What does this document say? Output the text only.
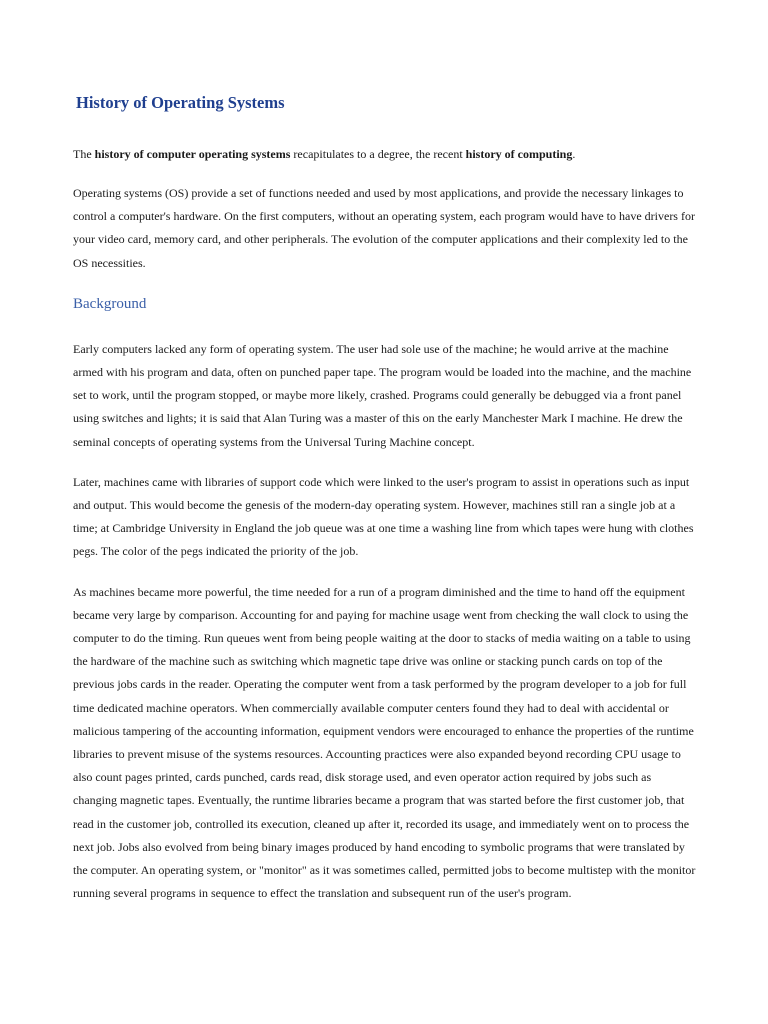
History of Operating Systems

The history of computer operating systems recapitulates to a degree, the recent history of computing.

Operating systems (OS) provide a set of functions needed and used by most applications, and provide the necessary linkages to control a computer's hardware. On the first computers, without an operating system, each program would have to have drivers for your video card, memory card, and other peripherals. The evolution of the computer applications and their complexity led to the OS necessities.

Background

Early computers lacked any form of operating system. The user had sole use of the machine; he would arrive at the machine armed with his program and data, often on punched paper tape. The program would be loaded into the machine, and the machine set to work, until the program stopped, or maybe more likely, crashed. Programs could generally be debugged via a front panel using switches and lights; it is said that Alan Turing was a master of this on the early Manchester Mark I machine. He drew the seminal concepts of operating systems from the Universal Turing Machine concept.

Later, machines came with libraries of support code which were linked to the user's program to assist in operations such as input and output. This would become the genesis of the modern-day operating system. However, machines still ran a single job at a time; at Cambridge University in England the job queue was at one time a washing line from which tapes were hung with clothes pegs. The color of the pegs indicated the priority of the job.

As machines became more powerful, the time needed for a run of a program diminished and the time to hand off the equipment became very large by comparison. Accounting for and paying for machine usage went from checking the wall clock to using the computer to do the timing. Run queues went from being people waiting at the door to stacks of media waiting on a table to using the hardware of the machine such as switching which magnetic tape drive was online or stacking punch cards on top of the previous jobs cards in the reader. Operating the computer went from a task performed by the program developer to a job for full time dedicated machine operators. When commercially available computer centers found they had to deal with accidental or malicious tampering of the accounting information, equipment vendors were encouraged to enhance the properties of the runtime libraries to prevent misuse of the systems resources. Accounting practices were also expanded beyond recording CPU usage to also count pages printed, cards punched, cards read, disk storage used, and even operator action required by jobs such as changing magnetic tapes. Eventually, the runtime libraries became a program that was started before the first customer job, that read in the customer job, controlled its execution, cleaned up after it, recorded its usage, and immediately went on to process the next job. Jobs also evolved from being binary images produced by hand encoding to symbolic programs that were translated by the computer. An operating system, or "monitor" as it was sometimes called, permitted jobs to become multistep with the monitor running several programs in sequence to effect the translation and subsequent run of the user's program.
